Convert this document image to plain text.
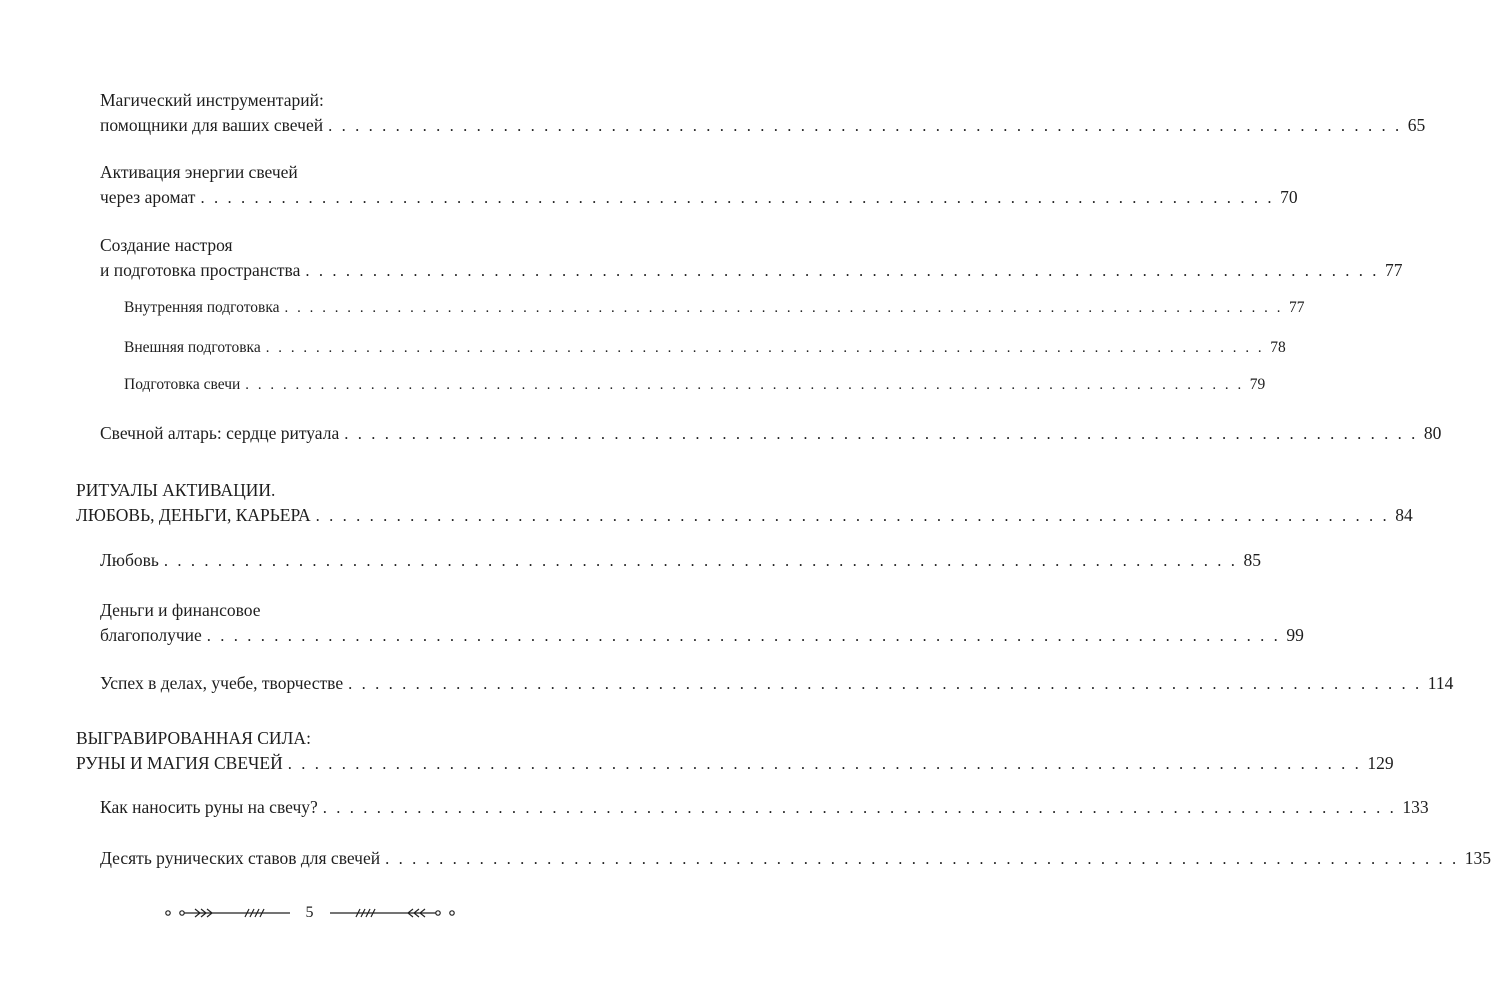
Магический инструментарий:
помощники для ваших свечей . . . . . . . . . . . . . . . . . . . . . . . . . . . . . . . . . . . . . . . . . . . . . . . . . . . . . . . . . . . . . . . . . . . . . . . . . . . . . . . . 65
Активация энергии свечей
через аромат . . . . . . . . . . . . . . . . . . . . . . . . . . . . . . . . . . . . . . . . . . . . . . . . . . . . . . . . . . . . . . . . . . . . . . . . . . . . . . . . 70
Создание настроя
и подготовка пространства . . . . . . . . . . . . . . . . . . . . . . . . . . . . . . . . . . . . . . . . . . . . . . . . . . . . . . . . . . . . . . . . . . . . . . . . . . . . . . . . 77
Внутренняя подготовка . . . . . . . . . . . . . . . . . . . . . . . . . . . . . . . . . . . . . . . . . . . . . . . . . . . . . . . . . . . . . . . . . . . . . . . . . . . . . . . . 77
Внешняя подготовка . . . . . . . . . . . . . . . . . . . . . . . . . . . . . . . . . . . . . . . . . . . . . . . . . . . . . . . . . . . . . . . . . . . . . . . . . . . . . . . . 78
Подготовка свечи . . . . . . . . . . . . . . . . . . . . . . . . . . . . . . . . . . . . . . . . . . . . . . . . . . . . . . . . . . . . . . . . . . . . . . . . . . . . . . . . 79
Свечной алтарь: сердце ритуала . . . . . . . . . . . . . . . . . . . . . . . . . . . . . . . . . . . . . . . . . . . . . . . . . . . . . . . . . . . . . . . . . . . . . . . . . . . . . . . . 80
РИТУАЛЫ АКТИВАЦИИ.
ЛЮБОВЬ, ДЕНЬГИ, КАРЬЕРА . . . . . . . . . . . . . . . . . . . . . . . . . . . . . . . . . . . . . . . . . . . . . . . . . . . . . . . . . . . . . . . . . . . . . . . . . . . . . . . . 84
Любовь . . . . . . . . . . . . . . . . . . . . . . . . . . . . . . . . . . . . . . . . . . . . . . . . . . . . . . . . . . . . . . . . . . . . . . . . . . . . . . . . 85
Деньги и финансовое
благополучие . . . . . . . . . . . . . . . . . . . . . . . . . . . . . . . . . . . . . . . . . . . . . . . . . . . . . . . . . . . . . . . . . . . . . . . . . . . . . . . . 99
Успех в делах, учебе, творчестве . . . . . . . . . . . . . . . . . . . . . . . . . . . . . . . . . . . . . . . . . . . . . . . . . . . . . . . . . . . . . . . . . . . . . . . . . . . . . . . . 114
ВЫГРАВИРОВАННАЯ СИЛА:
РУНЫ И МАГИЯ СВЕЧЕЙ . . . . . . . . . . . . . . . . . . . . . . . . . . . . . . . . . . . . . . . . . . . . . . . . . . . . . . . . . . . . . . . . . . . . . . . . . . . . . . . . 129
Как наносить руны на свечу? . . . . . . . . . . . . . . . . . . . . . . . . . . . . . . . . . . . . . . . . . . . . . . . . . . . . . . . . . . . . . . . . . . . . . . . . . . . . . . . . 133
Десять рунических ставов для свечей . . . . . . . . . . . . . . . . . . . . . . . . . . . . . . . . . . . . . . . . . . . . . . . . . . . . . . . . . . . . . . . . . . . . . . . . . . . . . . . . 135
5
